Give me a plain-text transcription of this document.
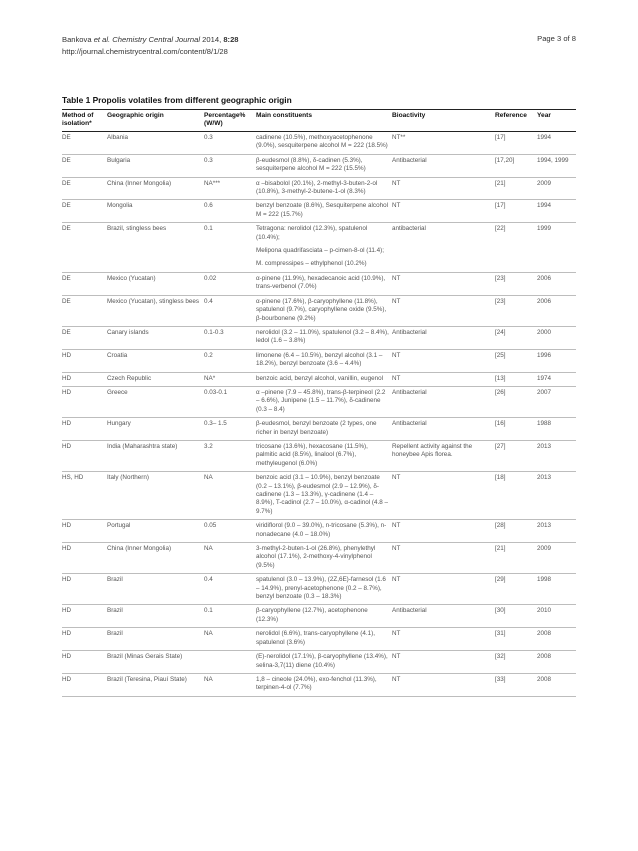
Bankova et al. Chemistry Central Journal 2014, 8:28
http://journal.chemistrycentral.com/content/8/1/28
Page 3 of 8
Table 1 Propolis volatiles from different geographic origin
Method of isolation*	Geographic origin	Percentage% (W/W)	Main constituents	Bioactivity	Reference	Year
DE	Albania	0.3	cadinene (10.5%), methoxyacetophenone (9.0%), sesquiterpene alcohol M = 222 (18.5%)	NT**	[17]	1994
DE	Bulgaria	0.3	β-eudesmol (8.8%), δ-cadinen (5.3%), sesquiterpene alcohol M = 222 (15.5%)	Antibacterial	[17,20]	1994, 1999
DE	China (Inner Mongolia)	NA***	α –bisabolol (20.1%), 2-methyl-3-buten-2-ol (10.8%), 3-methyl-2-butene-1-ol (8.3%)	NT	[21]	2009
DE	Mongolia	0.6	benzyl benzoate (8.6%), Sesquiterpene alcohol M = 222 (15.7%)	NT	[17]	1994
DE	Brazil, stingless bees	0.1	Tetragona: nerolidol (12.3%), spatulenol (10.4%);	antibacterial	[22]	1999
			Melipona quadrifasciata – p-cimen-8-ol (11.4);			
			M. compressipes – ethylphenol (10.2%)			
DE	Mexico (Yucatan)	0.02	α-pinene (11.9%), hexadecanoic acid (10.9%), trans-verbenol (7.0%)	NT	[23]	2006
DE	Mexico (Yucatan), stingless bees	0.4	α-pinene (17.6%), β-caryophyllene (11.8%), spatulenol (9.7%), caryophyllene oxide (9.5%), β-bourbonene (9.2%)	NT	[23]	2006
DE	Canary islands	0.1-0.3	nerolidol (3.2 – 11.0%), spatulenol (3.2 – 8.4%), ledol (1.6 – 3.8%)	Antibacterial	[24]	2000
HD	Croatia	0.2	limonene (6.4 – 10.5%), benzyl alcohol (3.1 – 18.2%), benzyl benzoate (3.6 – 4.4%)	NT	[25]	1996
HD	Czech Republic	NA*	benzoic acid, benzyl alcohol, vanillin, eugenol	NT	[13]	1974
HD	Greece	0.03-0.1	α –pinene (7.9 – 45.8%), trans-β-terpineol (2.2 – 6.6%), Junipene (1.5 – 11.7%), δ-cadinene (0.3 – 8.4)	Antibacterial	[26]	2007
HD	Hungary	0.3– 1.5	β-eudesmol, benzyl benzoate (2 types, one richer in benzyl benzoate)	Antibacterial	[16]	1988
HD	India (Maharashtra state)	3.2	tricosane (13.6%), hexacosane (11.5%), palmitic acid (8.5%), linalool (6.7%), methyleugenol (6.0%)	Repellent activity against the honeybee Apis florea.	[27]	2013
HS, HD	Italy (Northern)	NA	benzoic acid (3.1 – 10.9%), benzyl benzoate (0.2 – 13.1%), β-eudesmol (2.9 – 12.9%), δ-cadinene (1.3 – 13.3%), γ-cadinene (1.4 – 8.9%), T-cadinol (2.7 – 10.0%), α-cadinol (4.8 – 9.7%)	NT	[18]	2013
HD	Portugal	0.05	viridiflorol (9.0 – 39.0%), n-tricosane (5.3%), n-nonadecane (4.0 – 18.0%)	NT	[28]	2013
HD	China (Inner Mongolia)	NA	3-methyl-2-buten-1-ol (26.8%), phenylethyl alcohol (17.1%), 2-methoxy-4-vinylphenol (9.5%)	NT	[21]	2009
HD	Brazil	0.4	spatulenol (3.0 – 13.9%), (2Z,6E)-farnesol (1.6 – 14.9%), prenyl-acetophenone (0.2 – 8.7%), benzyl benzoate (0.3 – 18.3%)	NT	[29]	1998
HD	Brazil	0.1	β-caryophyllene (12.7%), acetophenone (12.3%)	Antibacterial	[30]	2010
HD	Brazil	NA	nerolidol (6.6%), trans-caryophyllene (4.1), spatulenol (3.6%)	NT	[31]	2008
HD	Brazil (Minas Gerais State)		(E)-nerolidol (17.1%), β-caryophyllene (13.4%), selina-3,7(11) diene (10.4%)	NT	[32]	2008
HD	Brazil (Teresina, Piauí State)	NA	1,8 – cineole (24.0%), exo-fenchol (11.3%), terpinen-4-ol (7.7%)	NT	[33]	2008
